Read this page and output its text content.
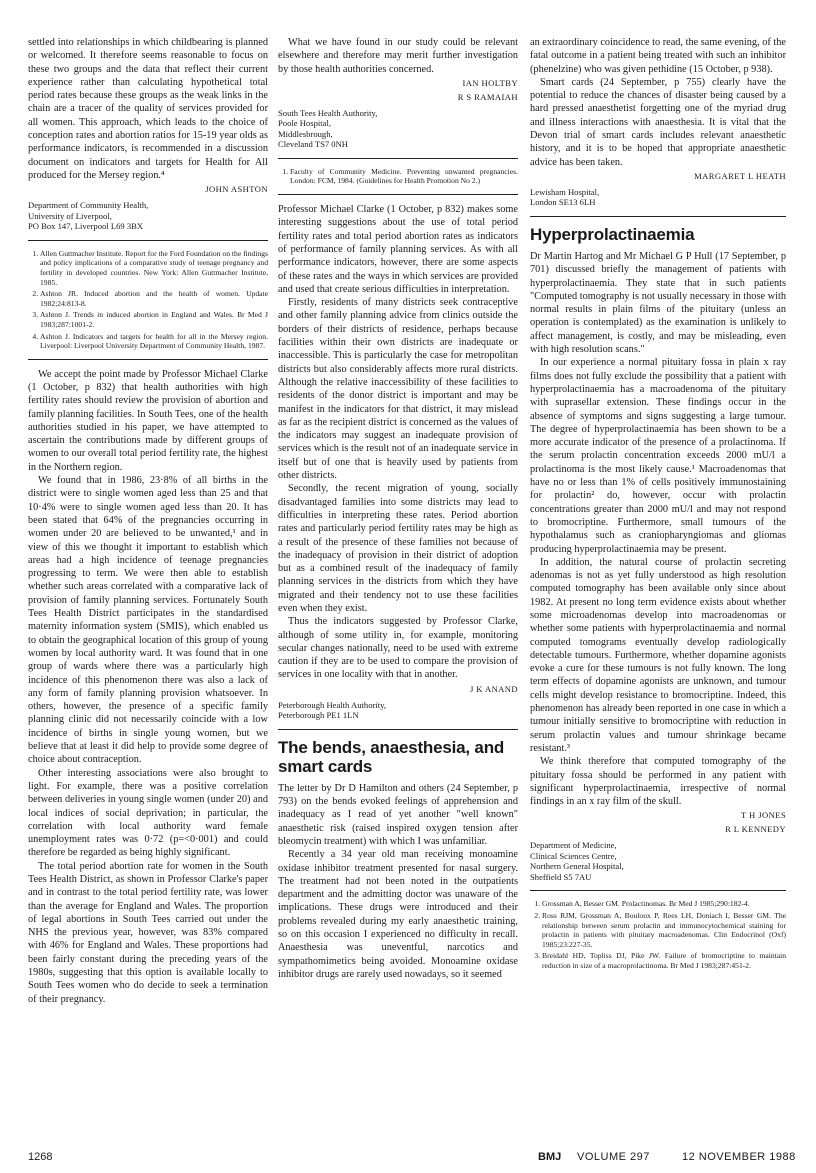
settled into relationships in which childbearing is planned or welcomed. It therefore seems reasonable to focus on these two groups and the data that reflect their current experience rather than calculating hypothetical total period rates because these groups as the weak links in the chain are a tracer of the quality of services provided for all women. This approach, which leads to the choice of conception rates and abortion ratios for 15-19 year olds as performance indicators, is recommended in a discussion document on indicators and targets for Health for All produced for the Mersey region.⁴

JOHN ASHTON
Department of Community Health,
University of Liverpool,
PO Box 147, Liverpool L69 3BX
1. Allen Guttmacher Institute. Report for the Ford Foundation on the findings and policy implications of a comparative study of teenage pregnancy and fertility in developed countries. New York: Allen Guttmacher Institute, 1985.
2. Ashton JR. Induced abortion and the health of women. Update 1982;24:813-8.
3. Ashton J. Trends in induced abortion in England and Wales. Br Med J 1983;287:1001-2.
4. Ashton J. Indicators and targets for health for all in the Mersey region. Liverpool: Liverpool University Department of Community Health, 1987.

We accept the point made by Professor Michael Clarke (1 October, p 832) that health authorities with high fertility rates should review the provision of abortion and family planning facilities. In South Tees, one of the health authorities studied in his paper, we have attempted to ascertain the contributions made by different groups of women to our overall total period fertility rate, the highest in the Northern region.

We found that in 1986, 23·8% of all births in the district were to single women aged less than 25 and that 10·4% were to single women aged less than 20. It has been stated that 64% of the pregnancies occurring in women under 20 are believed to be unwanted,¹ and in view of this we thought it important to establish which areas had a high incidence of teenage pregnancies progressing to term. We were then able to establish whether such areas correlated with a comparative lack of provision of family planning services. Fortunately South Tees Health District participates in the standardised maternity information system (SMIS), which enabled us to obtain the geographical location of this group of young women by local authority ward. It was found that in one group of wards where there was a particularly high incidence of this phenomenon there was also a lack of any form of family planning provision whatsoever. In others, however, the presence of a specific family planning clinic did not necessarily coincide with a low incidence of births in single young women, but we believe that at least it did help to provide some degree of choice about contraception.

Other interesting associations were also brought to light. For example, there was a positive correlation between deliveries in young single women (under 20) and local indices of social deprivation; in particular, the correlation with local authority ward female unemployment rates was 0·72 (p=<0·001) and could therefore be regarded as being highly significant.

The total period abortion rate for women in the South Tees Health District, as shown in Professor Clarke's paper and in contrast to the total period fertility rate, was lower than the average for England and Wales. The proportion of legal abortions in South Tees carried out under the NHS the previous year, however, was 83% compared with 46% for England and Wales. These proportions had been fairly constant during the preceding years of the 1980s, suggesting that this option is available locally to South Tees women who do decide to seek a termination of their pregnancy.

What we have found in our study could be relevant elsewhere and therefore may merit further investigation by those health authorities concerned.

IAN HOLTBY
R S RAMAIAH
South Tees Health Authority,
Poole Hospital,
Middlesbrough,
Cleveland TS7 0NH
1. Faculty of Community Medicine. Preventing unwanted pregnancies. London: FCM, 1984. (Guidelines for Health Promotion No 2.)

Professor Michael Clarke (1 October, p 832) makes some interesting suggestions about the use of total period fertility rates and total period abortion rates as indicators of performance of family planning services. As with all performance indicators, however, there are some aspects of these rates and the ways in which services are provided and used that create serious difficulties in interpretation.

Firstly, residents of many districts seek contraceptive and other family planning advice from clinics outside the borders of their districts of residence, perhaps because facilities within their own districts are inadequate or inaccessible. This is particularly the case for metropolitan districts but also considerably affects more rural districts. Although the relative inaccessibility of these facilities to residents of the donor district is important and may be manifest in the indicators for that district, it may mislead as far as the recipient district is concerned as the values of the indicators may suggest an inadequate provision of services which is the result not of an inadequate service in itself but of one that is heavily used by patients from other districts.

Secondly, the recent migration of young, socially disadvantaged families into some districts may lead to difficulties in interpreting these rates. Period abortion rates and particularly period fertility rates may be high as a result of the presence of these families not because of the inadequacy of provision in their district of adoption but as a combined result of the inadequacy of family planning services in the districts from which they have migrated and their tendency not to use these facilities even when they exist.

Thus the indicators suggested by Professor Clarke, although of some utility in, for example, monitoring secular changes nationally, need to be used with extreme caution if they are to be used to compare the provision of services in one locality with that in another.

J K ANAND
Peterborough Health Authority,
Peterborough PE1 1LN
The bends, anaesthesia, and smart cards

The letter by Dr D Hamilton and others (24 September, p 793) on the bends evoked feelings of apprehension and inadequacy as I read of yet another "well known" anaesthetic risk (raised inspired oxygen tension after bleomycin treatment) with which I was unfamiliar.

Recently a 34 year old man receiving monoamine oxidase inhibitor treatment presented for nasal surgery. The treatment had not been noted in the outpatients department and the admitting doctor was unaware of the implications. These drugs were introduced and their problems revealed during my early anaesthetic training, so on this occasion I experienced no difficulty in recall. Anaesthesia was uneventful, narcotics and sympathomimetics being avoided. Monoamine oxidase inhibitor drugs are rarely used nowadays, so it seemed

an extraordinary coincidence to read, the same evening, of the fatal outcome in a patient being treated with such an inhibitor (phenelzine) who was given pethidine (15 October, p 938).

Smart cards (24 September, p 755) clearly have the potential to reduce the chances of disaster being caused by a hard pressed anaesthetist forgetting one of the myriad drug and illness interactions with anaesthesia. It is vital that the Devon trial of smart cards includes relevant anaesthetic history, and it is to be hoped that appropriate anaesthetic advice has been taken.

MARGARET L HEATH
Lewisham Hospital,
London SE13 6LH
Hyperprolactinaemia

Dr Martin Hartog and Mr Michael G P Hull (17 September, p 701) discussed briefly the management of patients with hyperprolactinaemia. They state that in such patients "Computed tomography is not usually necessary in those with normal results in plain films of the pituitary (unless an operation is contemplated) as the examination is unlikely to affect management, is costly, and may be misleading, even with high resolution scans."

In our experience a normal pituitary fossa in plain x ray films does not fully exclude the possibility that a patient with hyperprolactinaemia has a macroadenoma of the pituitary with suprasellar extension. These findings occur in the absence of symptoms and signs suggesting a large tumour. The degree of hyperprolactinaemia has been shown to be a more accurate indicator of the presence of a prolactinoma. If the serum prolactin concentration exceeds 2000 mU/l a prolactinoma is the most likely cause.¹ Macroadenomas that have no or less than 1% of cells positively immunostaining for prolactin² do, however, occur with prolactin concentrations greater than 2000 mU/l and may not respond to bromocriptine. Furthermore, small tumours of the hypothalamus such as craniopharyngiomas and gliomas producing hyperprolactinaemia may be present.

In addition, the natural course of prolactin secreting adenomas is not as yet fully understood as high resolution computed tomography has been available only since about 1982. At present no long term evidence exists about whether some microadenomas develop into macroadenomas or whether some patients with hyperprolactinaemia and normal computed tomograms eventually develop radiologically detectable tumours. Furthermore, whether dopamine agonists evoke a cure for these tumours is not fully known. The long term effects of dopamine agonists are unknown, and tumour cells might develop resistance to bromocriptine. Indeed, this phenomenon has already been reported in one case in which a tumour initially sensitive to bromocriptine with reduction in serum prolactin values and tumour shrinkage became resistant.³

We think therefore that computed tomography of the pituitary fossa should be performed in any patient with significant hyperprolactinaemia, irrespective of normal findings in an x ray film of the skull.

T H JONES
R L KENNEDY
Department of Medicine,
Clinical Sciences Centre,
Northern General Hospital,
Sheffield S5 7AU
1. Grossman A, Besser GM. Prolactinomas. Br Med J 1985;290:182-4.
2. Ross RJM, Grossman A, Bouloux P, Rees LH, Doniach I, Besser GM. The relationship between serum prolactin and immunocytochemical staining for prolactin in patients with pituitary macroadenomas. Clin Endocrinol (Oxf) 1985;23:227-35.
3. Breidahl HD, Topliss DJ, Pike JW. Failure of bromocriptine to maintain reduction in size of a macroprolactinoma. Br Med J 1983;287:451-2.
1268	BMJ VOLUME 297	12 NOVEMBER 1988
